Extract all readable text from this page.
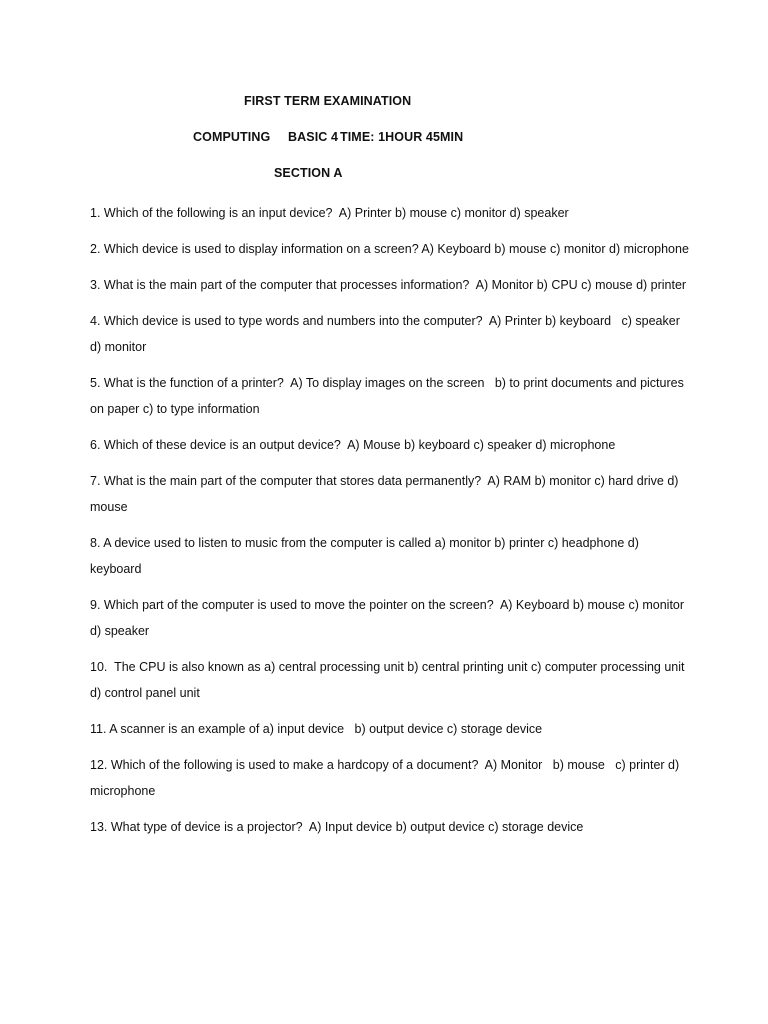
FIRST TERM EXAMINATION
COMPUTING BASIC 4 TIME: 1HOUR 45MIN
SECTION A
1. Which of the following is an input device?  A) Printer b) mouse c) monitor d) speaker
2. Which device is used to display information on a screen? A) Keyboard b) mouse c) monitor d) microphone
3. What is the main part of the computer that processes information?  A) Monitor b) CPU c) mouse d) printer
4. Which device is used to type words and numbers into the computer?  A) Printer b) keyboard   c) speaker d) monitor
5. What is the function of a printer?  A) To display images on the screen   b) to print documents and pictures on paper c) to type information
6. Which of these device is an output device?  A) Mouse b) keyboard c) speaker d) microphone
7. What is the main part of the computer that stores data permanently?  A) RAM b) monitor c) hard drive d) mouse
8. A device used to listen to music from the computer is called a) monitor b) printer c) headphone d) keyboard
9. Which part of the computer is used to move the pointer on the screen?  A) Keyboard b) mouse c) monitor d) speaker
10.  The CPU is also known as a) central processing unit b) central printing unit c) computer processing unit   d) control panel unit
11. A scanner is an example of a) input device   b) output device c) storage device
12. Which of the following is used to make a hardcopy of a document?  A) Monitor   b) mouse   c) printer d) microphone
13. What type of device is a projector?  A) Input device b) output device c) storage device
